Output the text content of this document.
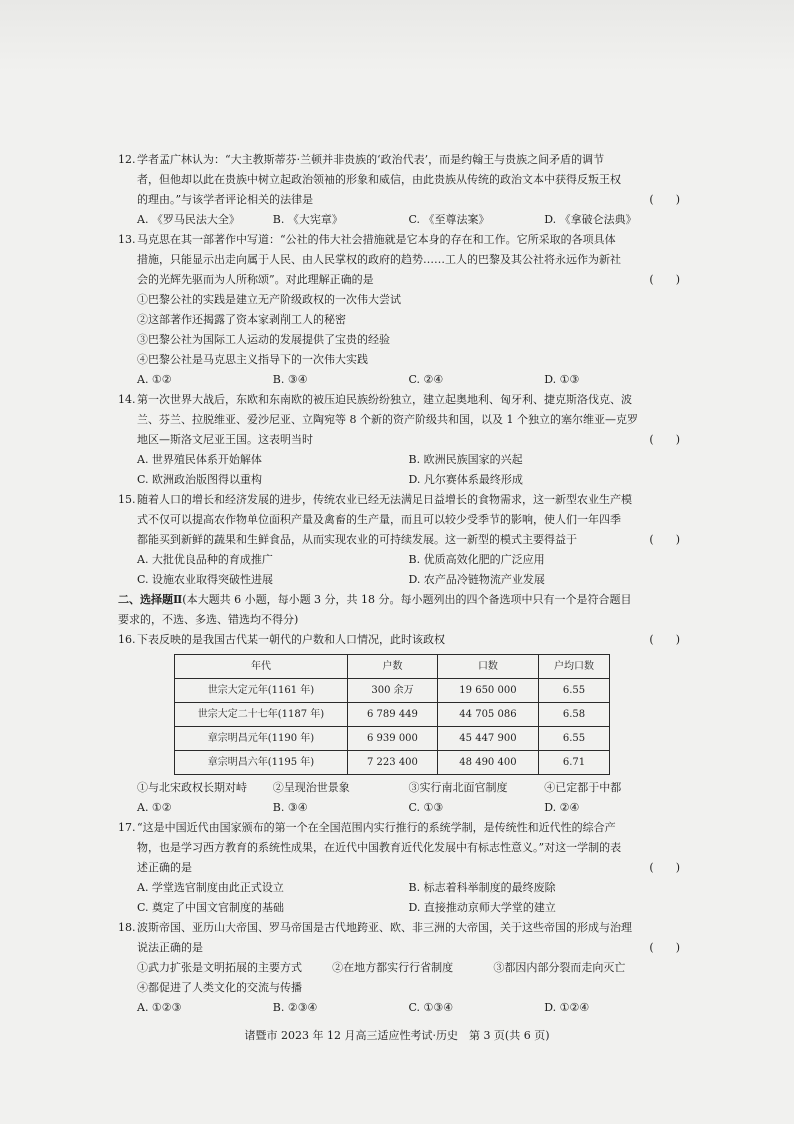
12. 学者孟广林认为：“大主教斯蒂芬·兰顿并非贵族的‘政治代表’，而是约翰王与贵族之间矛盾的调节
者，但他却以此在贵族中树立起政治领袖的形象和威信，由此贵族从传统的政治文本中获得反叛王权
的理由。”与该学者评论相关的法律是	(　　)
A. 《罗马民法大全》	B. 《大宪章》	C. 《至尊法案》	D. 《拿破仑法典》
13. 马克思在其一部著作中写道：“公社的伟大社会措施就是它本身的存在和工作。它所采取的各项具体
措施，只能显示出走向属于人民、由人民掌权的政府的趋势……工人的巴黎及其公社将永远作为新社
会的光辉先驱而为人所称颂”。对此理解正确的是	(　　)
①巴黎公社的实践是建立无产阶级政权的一次伟大尝试
②这部著作还揭露了资本家剥削工人的秘密
③巴黎公社为国际工人运动的发展提供了宝贵的经验
④巴黎公社是马克思主义指导下的一次伟大实践
A. ①②	B. ③④	C. ②④	D. ①③
14. 第一次世界大战后，东欧和东南欧的被压迫民族纷纷独立，建立起奥地利、匈牙利、捷克斯洛伐克、波
兰、芬兰、拉脱维亚、爱沙尼亚、立陶宛等 8 个新的资产阶级共和国，以及 1 个独立的塞尔维亚—克罗
地区—斯洛文尼亚王国。这表明当时	(　　)
A. 世界殖民体系开始解体	B. 欧洲民族国家的兴起
C. 欧洲政治版图得以重构	D. 凡尔赛体系最终形成
15. 随着人口的增长和经济发展的进步，传统农业已经无法满足日益增长的食物需求，这一新型农业生产模
式不仅可以提高农作物单位面积产量及禽畜的生产量，而且可以较少受季节的影响，使人们一年四季
都能买到新鲜的蔬果和生鲜食品，从而实现农业的可持续发展。这一新型的模式主要得益于	(　　)
A. 大批优良品种的育成推广	B. 优质高效化肥的广泛应用
C. 设施农业取得突破性进展	D. 农产品冷链物流产业发展
二、选择题Ⅱ(本大题共 6 小题，每小题 3 分，共 18 分。每小题列出的四个备选项中只有一个是符合题目
要求的，不选、多选、错选均不得分)
16. 下表反映的是我国古代某一朝代的户数和人口情况，此时该政权	(　　)
年代	户数	口数	户均口数
世宗大定元年(1161 年)	300 余万	19 650 000	6.55
世宗大定二十七年(1187 年)	6 789 449	44 705 086	6.58
章宗明昌元年(1190 年)	6 939 000	45 447 900	6.55
章宗明昌六年(1195 年)	7 223 400	48 490 400	6.71
①与北宋政权长期对峙	②呈现治世景象	③实行南北面官制度	④已定都于中都
A. ①②	B. ③④	C. ①③	D. ②④
17. “这是中国近代由国家颁布的第一个在全国范围内实行推行的系统学制，是传统性和近代性的综合产
物，也是学习西方教育的系统性成果，在近代中国教育近代化发展中有标志性意义。”对这一学制的表
述正确的是	(　　)
A. 学堂选官制度由此正式设立	B. 标志着科举制度的最终废除
C. 奠定了中国文官制度的基础	D. 直接推动京师大学堂的建立
18. 波斯帝国、亚历山大帝国、罗马帝国是古代地跨亚、欧、非三洲的大帝国，关于这些帝国的形成与治理
说法正确的是	(　　)
①武力扩张是文明拓展的主要方式	②在地方都实行行省制度	③都因内部分裂而走向灭亡
④都促进了人类文化的交流与传播
A. ①②③	B. ②③④	C. ①③④	D. ①②④
诸暨市 2023 年 12 月高三适应性考试·历史　第 3 页(共 6 页)
